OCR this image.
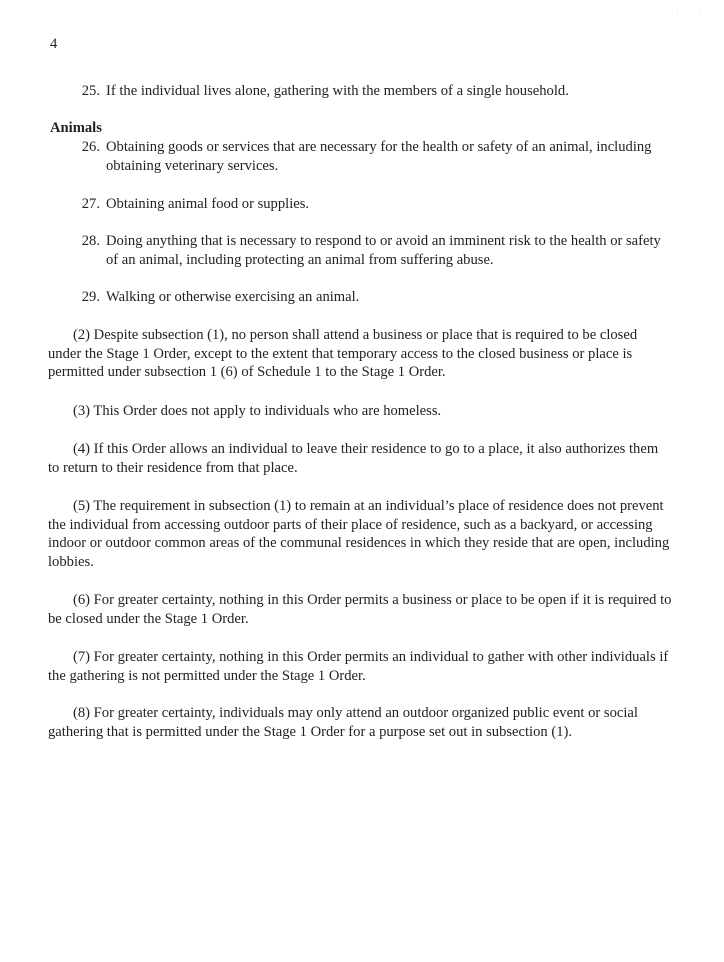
·         ·
4
25. If the individual lives alone, gathering with the members of a single household.
Animals
26. Obtaining goods or services that are necessary for the health or safety of an animal, including obtaining veterinary services.
27. Obtaining animal food or supplies.
28. Doing anything that is necessary to respond to or avoid an imminent risk to the health or safety of an animal, including protecting an animal from suffering abuse.
29. Walking or otherwise exercising an animal.

(2) Despite subsection (1), no person shall attend a business or place that is required to be closed under the Stage 1 Order, except to the extent that temporary access to the closed business or place is permitted under subsection 1 (6) of Schedule 1 to the Stage 1 Order.

(3) This Order does not apply to individuals who are homeless.

(4) If this Order allows an individual to leave their residence to go to a place, it also authorizes them to return to their residence from that place.

(5) The requirement in subsection (1) to remain at an individual’s place of residence does not prevent the individual from accessing outdoor parts of their place of residence, such as a backyard, or accessing indoor or outdoor common areas of the communal residences in which they reside that are open, including lobbies.

(6) For greater certainty, nothing in this Order permits a business or place to be open if it is required to be closed under the Stage 1 Order.

(7) For greater certainty, nothing in this Order permits an individual to gather with other individuals if the gathering is not permitted under the Stage 1 Order.

(8) For greater certainty, individuals may only attend an outdoor organized public event or social gathering that is permitted under the Stage 1 Order for a purpose set out in subsection (1).
